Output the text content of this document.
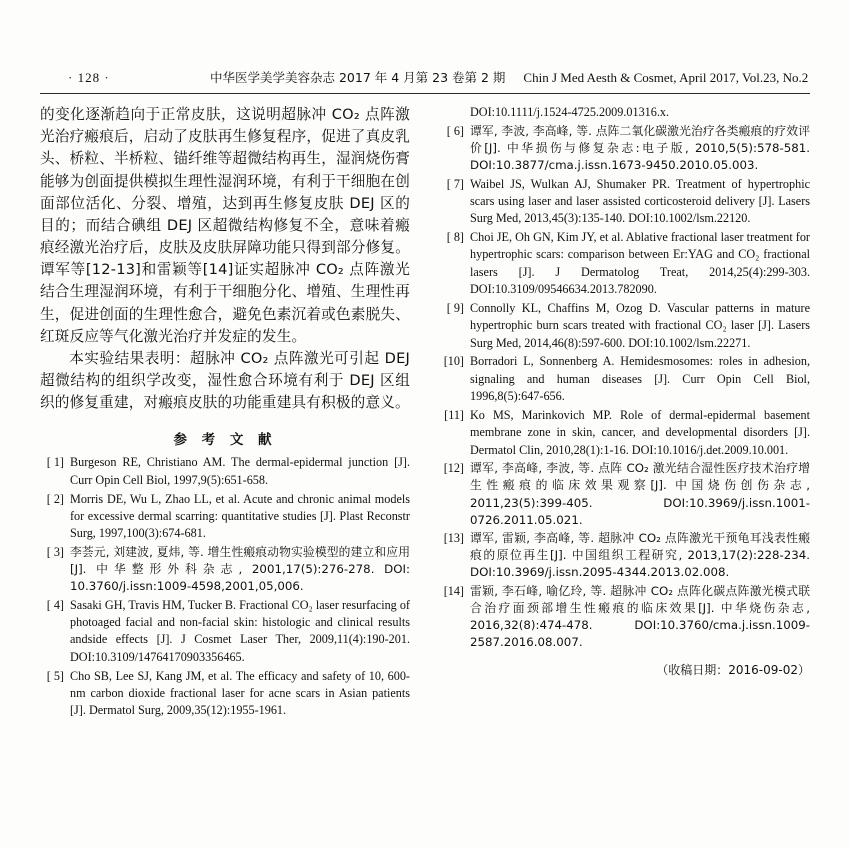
· 128 ·	中华医学美学美容杂志 2017 年 4 月第 23 卷第 2 期 Chin J Med Aesth & Cosmet, April 2017, Vol.23, No.2

的变化逐渐趋向于正常皮肤，这说明超脉冲 CO₂ 点阵激光治疗瘢痕后，启动了皮肤再生修复程序，促进了真皮乳头、桥粒、半桥粒、锚纤维等超微结构再生，湿润烧伤膏能够为创面提供模拟生理性湿润环境，有利于干细胞在创面部位活化、分裂、增殖，达到再生修复皮肤 DEJ 区的目的；而结合碘组 DEJ 区超微结构修复不全，意味着瘢痕经激光治疗后，皮肤及皮肤屏障功能只得到部分修复。谭军等[12-13]和雷颖等[14]证实超脉冲 CO₂ 点阵激光结合生理湿润环境，有利于干细胞分化、增殖、生理性再生，促进创面的生理性愈合，避免色素沉着或色素脱失、红斑反应等气化激光治疗并发症的发生。

本实验结果表明：超脉冲 CO₂ 点阵激光可引起 DEJ 超微结构的组织学改变，湿性愈合环境有利于 DEJ 区组织的修复重建，对瘢痕皮肤的功能重建具有积极的意义。

参 考 文 献
[ 1] Burgeson RE, Christiano AM. The dermal-epidermal junction [J]. Curr Opin Cell Biol, 1997,9(5):651-658.
[ 2] Morris DE, Wu L, Zhao LL, et al. Acute and chronic animal models for excessive dermal scarring: quantitative studies [J]. Plast Reconstr Surg, 1997,100(3):674-681.
[ 3] 李荟元, 刘建波, 夏炜, 等. 增生性瘢痕动物实验模型的建立和应用[J]. 中华整形外科杂志, 2001,17(5):276-278. DOI: 10.3760/j.issn:1009-4598,2001,05,006.
[ 4] Sasaki GH, Travis HM, Tucker B. Fractional CO₂ laser resurfacing of photoaged facial and non-facial skin: histologic and clinical results andside effects [J]. J Cosmet Laser Ther, 2009,11(4):190-201. DOI:10.3109/14764170903356465.
[ 5] Cho SB, Lee SJ, Kang JM, et al. The efficacy and safety of 10, 600-nm carbon dioxide fractional laser for acne scars in Asian patients [J]. Dermatol Surg, 2009,35(12):1955-1961.
DOI:10.1111/j.1524-4725.2009.01316.x.
[ 6] 谭军, 李波, 李高峰, 等. 点阵二氧化碳激光治疗各类瘢痕的疗效评价[J]. 中华损伤与修复杂志:电子版, 2010,5(5):578-581. DOI:10.3877/cma.j.issn.1673-9450.2010.05.003.
[ 7] Waibel JS, Wulkan AJ, Shumaker PR. Treatment of hypertrophic scars using laser and laser assisted corticosteroid delivery [J]. Lasers Surg Med, 2013,45(3):135-140. DOI:10.1002/lsm.22120.
[ 8] Choi JE, Oh GN, Kim JY, et al. Ablative fractional laser treatment for hypertrophic scars: comparison between Er:YAG and CO₂ fractional lasers [J]. J Dermatolog Treat, 2014,25(4):299-303. DOI:10.3109/09546634.2013.782090.
[ 9] Connolly KL, Chaffins M, Ozog D. Vascular patterns in mature hypertrophic burn scars treated with fractional CO₂ laser [J]. Lasers Surg Med, 2014,46(8):597-600. DOI:10.1002/lsm.22271.
[10] Borradori L, Sonnenberg A. Hemidesmosomes: roles in adhesion, signaling and human diseases [J]. Curr Opin Cell Biol, 1996,8(5):647-656.
[11] Ko MS, Marinkovich MP. Role of dermal-epidermal basement membrane zone in skin, cancer, and developmental disorders [J]. Dermatol Clin, 2010,28(1):1-16. DOI:10.1016/j.det.2009.10.001.
[12] 谭军, 李高峰, 李波, 等. 点阵 CO₂ 激光结合湿性医疗技术治疗增生性瘢痕的临床效果观察[J]. 中国烧伤创伤杂志, 2011,23(5):399-405. DOI:10.3969/j.issn.1001-0726.2011.05.021.
[13] 谭军, 雷颖, 李高峰, 等. 超脉冲 CO₂ 点阵激光干预龟耳浅表性瘢痕的原位再生[J]. 中国组织工程研究, 2013,17(2):228-234. DOI:10.3969/j.issn.2095-4344.2013.02.008.
[14] 雷颖, 李石峰, 喻亿玲, 等. 超脉冲 CO₂ 点阵化碳点阵激光模式联合治疗面颈部增生性瘢痕的临床效果[J]. 中华烧伤杂志, 2016,32(8):474-478. DOI:10.3760/cma.j.issn.1009-2587.2016.08.007.
（收稿日期：2016-09-02）
